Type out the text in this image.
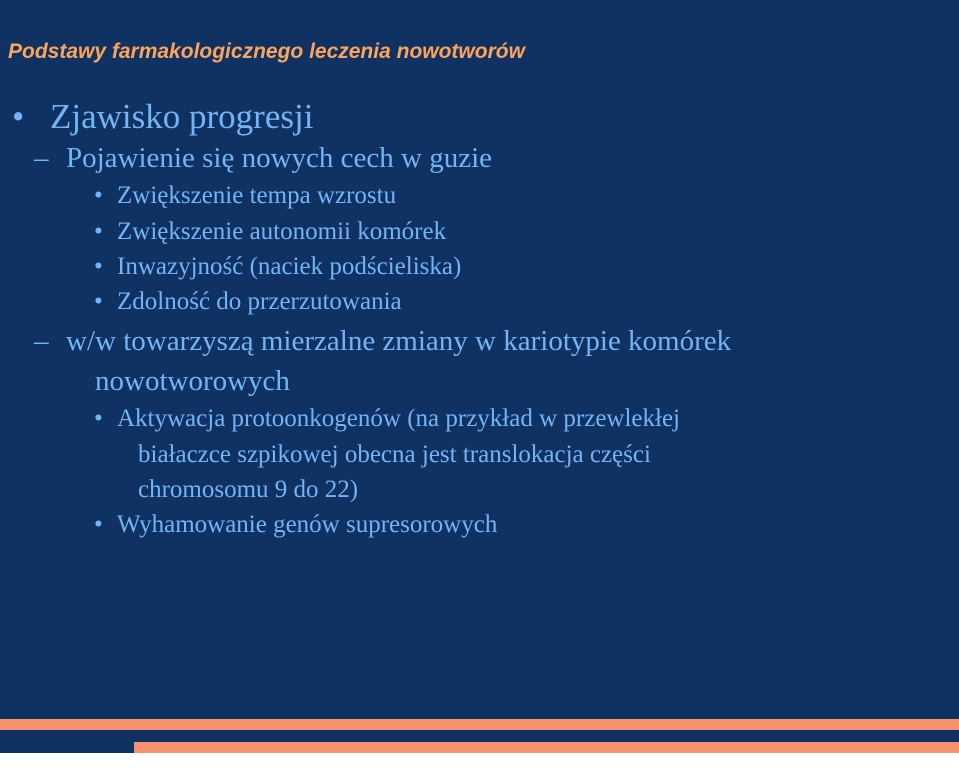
Podstawy farmakologicznego leczenia nowotworów
• Zjawisko progresji
– Pojawienie się nowych cech w guzie
• Zwiększenie tempa wzrostu
• Zwiększenie autonomii komórek
• Inwazyjność (naciek podścieliska)
• Zdolność do przerzutowania
– w/w towarzyszą mierzalne zmiany w kariotypie komórek
nowotworowych
• Aktywacja protoonkogenów (na przykład w przewlekłej
białaczce szpikowej obecna jest translokacja części
chromosomu 9 do 22)
• Wyhamowanie genów supresorowych
